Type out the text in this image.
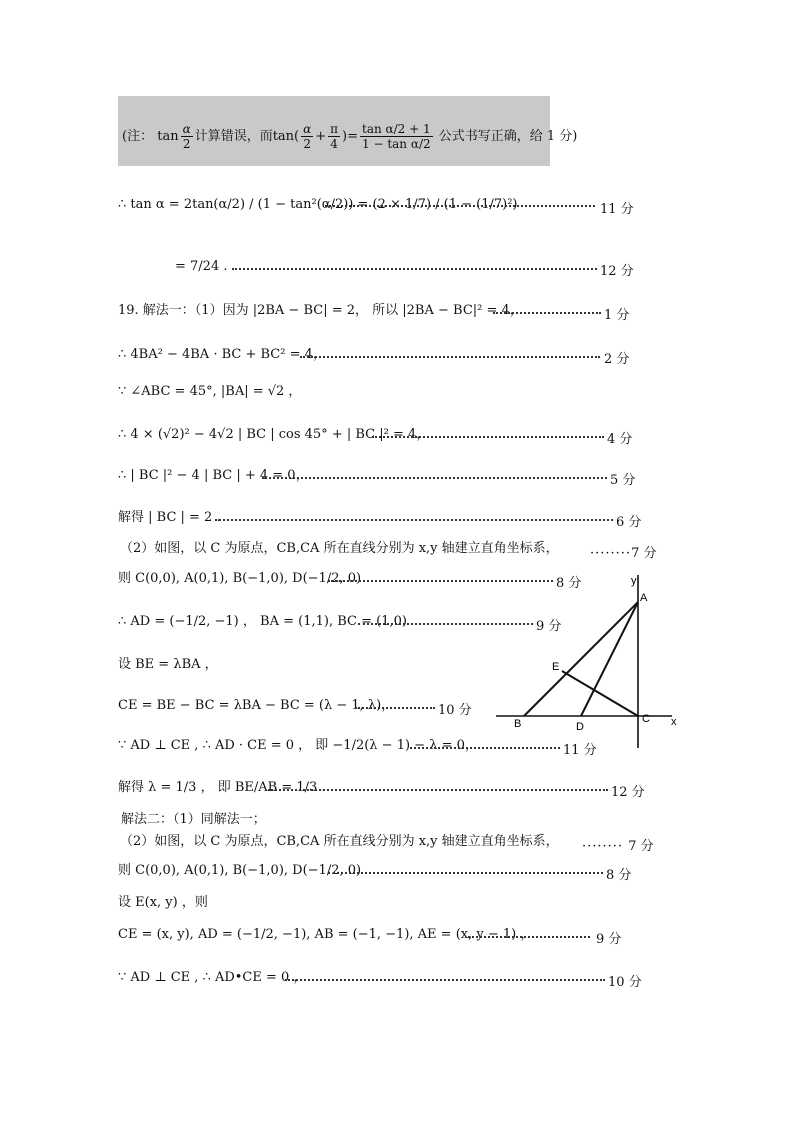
(注： $\tan \frac{\alpha}{2}$ 计算错误，而$\tan( \frac{\alpha}{2} + \frac{\pi}{4}$ )= $\frac{\text{tan α/2 + 1}}{\text{1 − tan α/2}}$ 公式书写正确，给 1 分)
∴ tan α = 2tan(α/2) / (1 − tan²(α/2)) = (2 × 1/7) / (1 − (1/7)²)	11 分
= 7/24 .	12 分
19. 解法一：（1）因为 |2BA − BC| = 2， 所以 |2BA − BC|² = 4，	1 分
∴ 4BA² − 4BA · BC + BC² = 4，	2 分
∵ ∠ABC = 45°, |BA| = √2 ，
∴ 4 × (√2)² − 4√2 | BC | cos 45° + | BC |² = 4，	4 分
∴ | BC |² − 4 | BC | + 4 = 0，	5 分
解得 | BC | = 2 .	6 分
（2）如图，以 C 为原点，CB,CA 所在直线分别为 x,y 轴建立直角坐标系， ········7 分
则 C(0,0), A(0,1), B(−1,0), D(−1/2, 0)	8 分
∴ AD = (−1/2, −1) ， BA = (1,1), BC = (1,0)	9 分
设 BE = λBA ，
CE = BE − BC = λBA − BC = (λ − 1, λ)，	10 分
∵ AD ⊥ CE , ∴ AD · CE = 0 ， 即 −1/2(λ − 1) − λ = 0，	11 分
解得 λ = 1/3 ， 即 BE/AB = 1/3 .	12 分
解法二：（1）同解法一；
（2）如图，以 C 为原点，CB,CA 所在直线分别为 x,y 轴建立直角坐标系， ········ 7 分
则 C(0,0), A(0,1), B(−1,0), D(−1/2, 0)	8 分
设 E(x, y) ，则
CE = (x, y), AD = (−1/2, −1), AB = (−1, −1), AE = (x, y − 1) ，	9 分
∵ AD ⊥ CE , ∴ AD•CE = 0 ，	10 分
y
A
E
B	D
C x
